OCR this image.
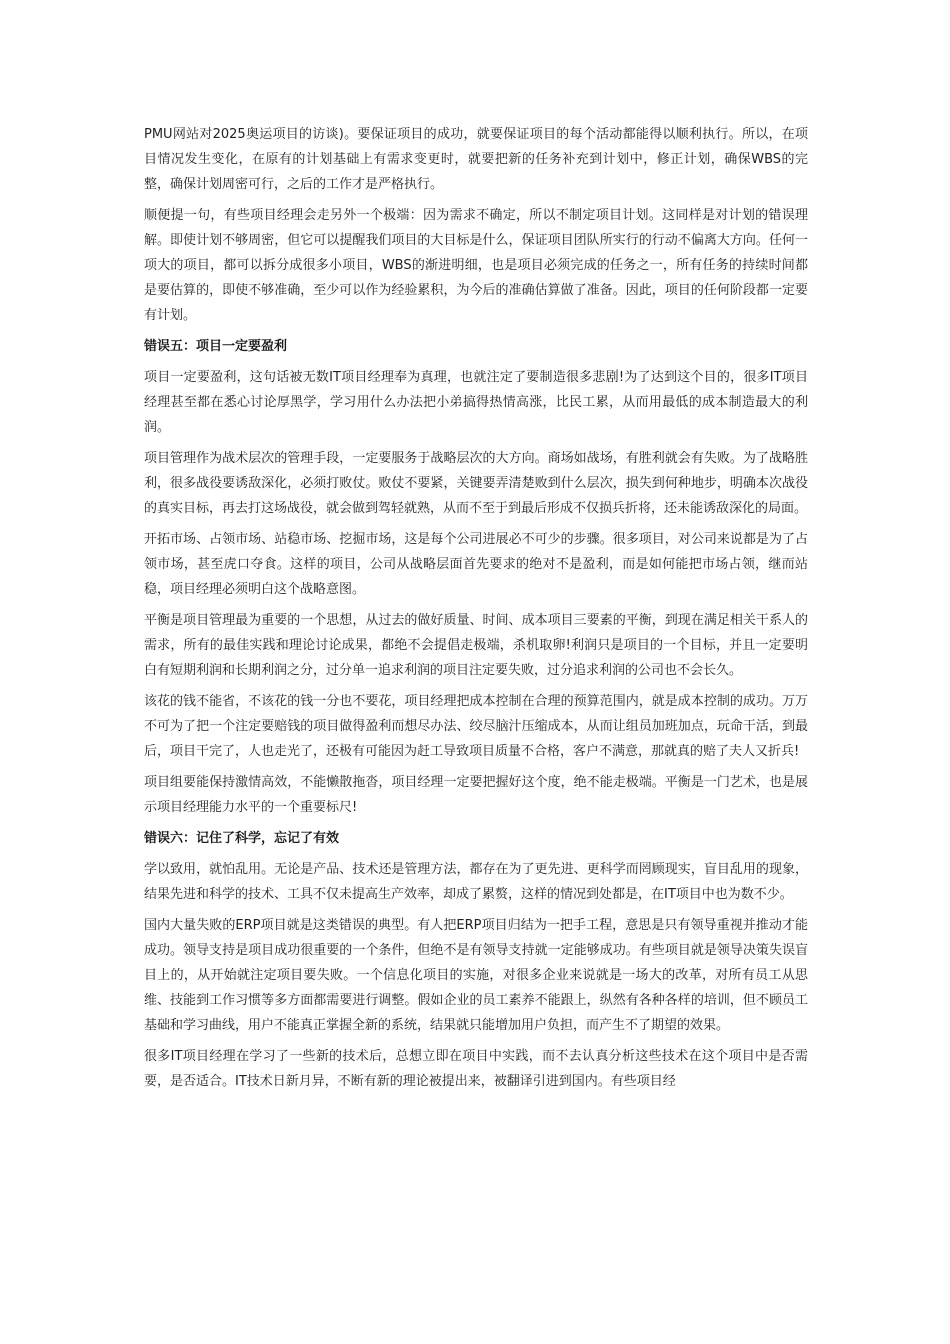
PMU网站对2025奥运项目的访谈)。要保证项目的成功，就要保证项目的每个活动都能得以顺利执行。所以，在项目情况发生变化，在原有的计划基础上有需求变更时，就要把新的任务补充到计划中，修正计划，确保WBS的完整，确保计划周密可行，之后的工作才是严格执行。

顺便提一句，有些项目经理会走另外一个极端：因为需求不确定，所以不制定项目计划。这同样是对计划的错误理解。即使计划不够周密，但它可以提醒我们项目的大目标是什么，保证项目团队所实行的行动不偏离大方向。任何一项大的项目，都可以拆分成很多小项目，WBS的渐进明细，也是项目必须完成的任务之一，所有任务的持续时间都是要估算的，即使不够准确，至少可以作为经验累积，为今后的准确估算做了准备。因此，项目的任何阶段都一定要有计划。

错误五：项目一定要盈利

项目一定要盈利，这句话被无数IT项目经理奉为真理，也就注定了要制造很多悲剧!为了达到这个目的，很多IT项目经理甚至都在悉心讨论厚黑学，学习用什么办法把小弟搞得热情高涨，比民工累，从而用最低的成本制造最大的利润。

项目管理作为战术层次的管理手段，一定要服务于战略层次的大方向。商场如战场，有胜利就会有失败。为了战略胜利，很多战役要诱敌深化，必须打败仗。败仗不要紧，关键要弄清楚败到什么层次，损失到何种地步，明确本次战役的真实目标，再去打这场战役，就会做到驾轻就熟，从而不至于到最后形成不仅损兵折将，还未能诱敌深化的局面。

开拓市场、占领市场、站稳市场、挖掘市场，这是每个公司进展必不可少的步骤。很多项目，对公司来说都是为了占领市场，甚至虎口夺食。这样的项目，公司从战略层面首先要求的绝对不是盈利，而是如何能把市场占领，继而站稳，项目经理必须明白这个战略意图。

平衡是项目管理最为重要的一个思想，从过去的做好质量、时间、成本项目三要素的平衡，到现在满足相关干系人的需求，所有的最佳实践和理论讨论成果，都绝不会提倡走极端，杀机取卵!利润只是项目的一个目标，并且一定要明白有短期利润和长期利润之分，过分单一追求利润的项目注定要失败，过分追求利润的公司也不会长久。

该花的钱不能省，不该花的钱一分也不要花，项目经理把成本控制在合理的预算范围内，就是成本控制的成功。万万不可为了把一个注定要赔钱的项目做得盈利而想尽办法、绞尽脑汁压缩成本，从而让组员加班加点，玩命干活，到最后，项目干完了，人也走光了，还极有可能因为赶工导致项目质量不合格，客户不满意，那就真的赔了夫人又折兵!

项目组要能保持激情高效，不能懒散拖沓，项目经理一定要把握好这个度，绝不能走极端。平衡是一门艺术，也是展示项目经理能力水平的一个重要标尺!

错误六：记住了科学，忘记了有效

学以致用，就怕乱用。无论是产品、技术还是管理方法，都存在为了更先进、更科学而罔顾现实，盲目乱用的现象，结果先进和科学的技术、工具不仅未提高生产效率，却成了累赘，这样的情况到处都是，在IT项目中也为数不少。

国内大量失败的ERP项目就是这类错误的典型。有人把ERP项目归结为一把手工程，意思是只有领导重视并推动才能成功。领导支持是项目成功很重要的一个条件，但绝不是有领导支持就一定能够成功。有些项目就是领导决策失误盲目上的，从开始就注定项目要失败。一个信息化项目的实施，对很多企业来说就是一场大的改革，对所有员工从思维、技能到工作习惯等多方面都需要进行调整。假如企业的员工素养不能跟上，纵然有各种各样的培训，但不顾员工基础和学习曲线，用户不能真正掌握全新的系统，结果就只能增加用户负担，而产生不了期望的效果。

很多IT项目经理在学习了一些新的技术后，总想立即在项目中实践，而不去认真分析这些技术在这个项目中是否需要，是否适合。IT技术日新月异，不断有新的理论被提出来，被翻译引进到国内。有些项目经
